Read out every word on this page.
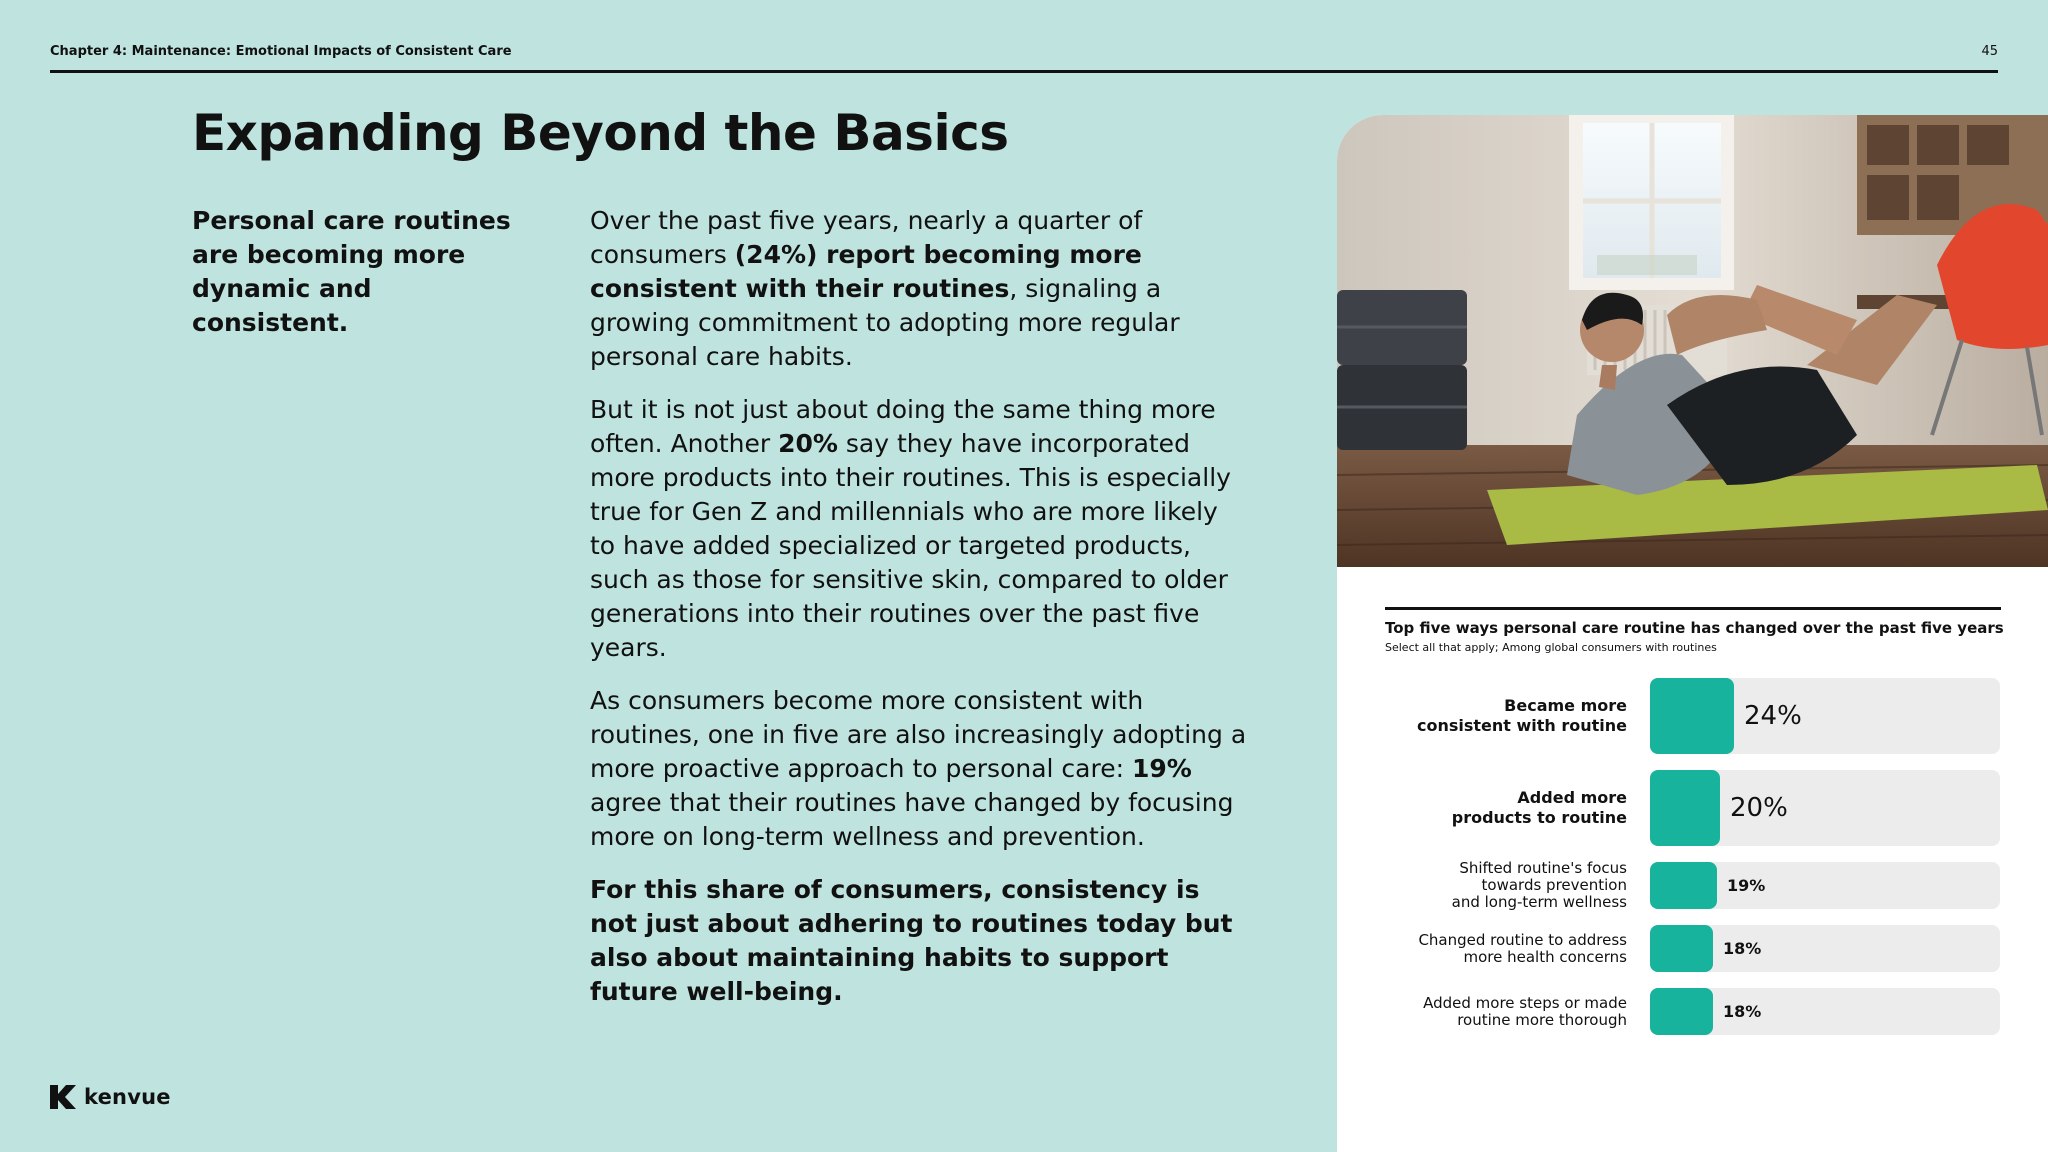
Chapter 4: Maintenance: Emotional Impacts of Consistent Care	45
Expanding Beyond the Basics
Personal care routines are becoming more dynamic and consistent.

Over the past five years, nearly a quarter of consumers (24%) report becoming more consistent with their routines, signaling a growing commitment to adopting more regular personal care habits.

But it is not just about doing the same thing more often. Another 20% say they have incorporated more products into their routines. This is especially true for Gen Z and millennials who are more likely to have added specialized or targeted products, such as those for sensitive skin, compared to older generations into their routines over the past five years.

As consumers become more consistent with routines, one in five are also increasingly adopting a more proactive approach to personal care: 19% agree that their routines have changed by focusing more on long-term wellness and prevention.

For this share of consumers, consistency is not just about adhering to routines today but also about maintaining habits to support future well-being.

Top five ways personal care routine has changed over the past five years
Select all that apply; Among global consumers with routines
Became more
consistent with routine	24%
Added more
products to routine	20%
Shifted routine's focus
towards prevention
and long-term wellness
19%
Changed routine to address
more health concerns	18%
Added more steps or made
routine more thorough	18%
kenvue
